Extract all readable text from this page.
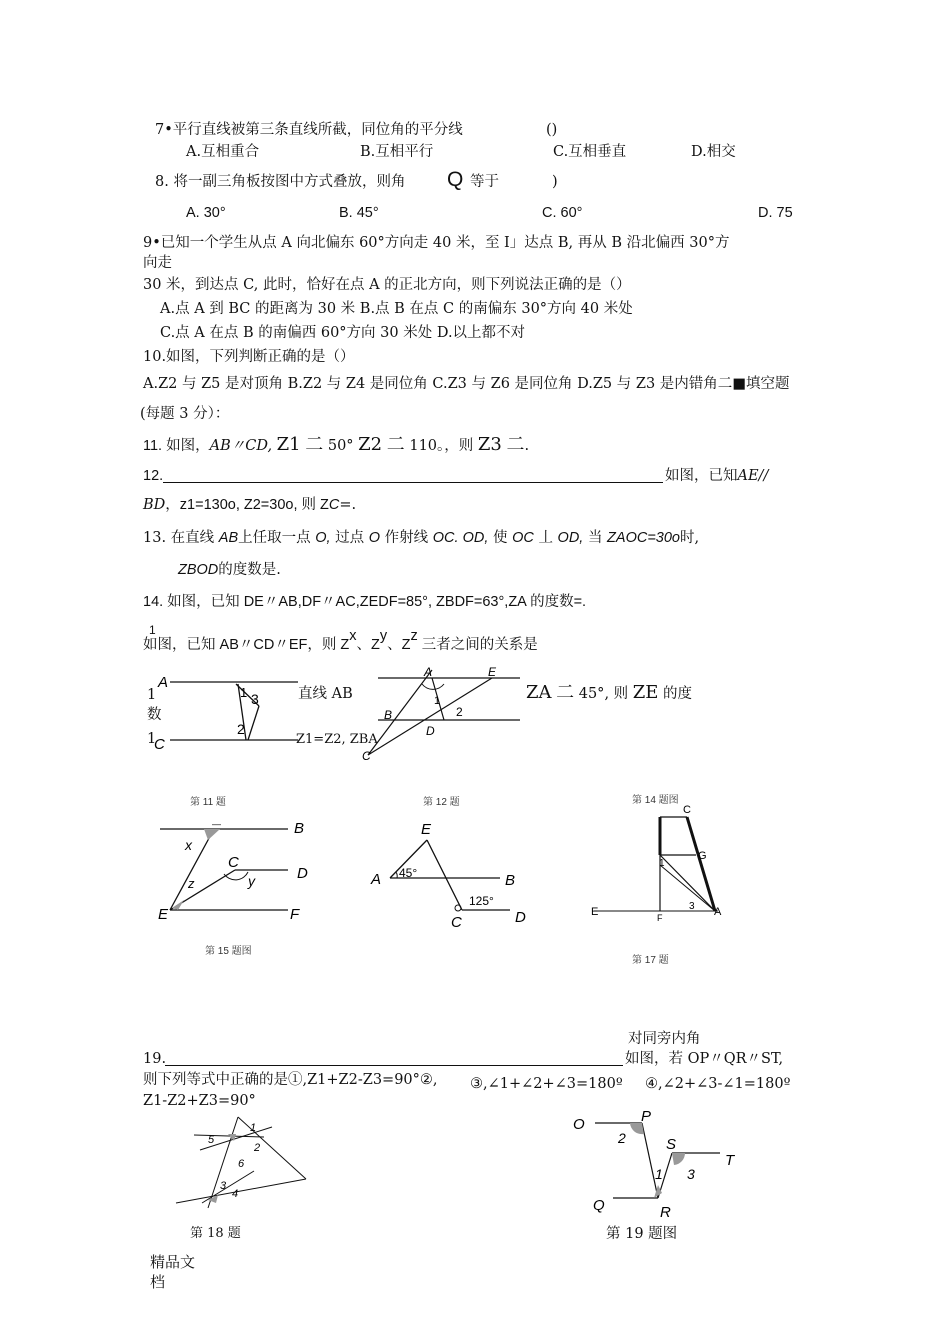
7•平行直线被第三条直线所截，同位角的平分线	()
A.互相重合	B.互相平行	C.互相垂直	D.相交
8. 将一副三角板按图中方式叠放，则角 Q 等于	)
A. 30°	B. 45°	C. 60°	D. 75
9•已知一个学生从点 A 向北偏东 60°方向走 40 米，至 I」达点 B, 再从 B 沿北偏西 30°方
向走
30 米，到达点 C, 此时，恰好在点 A 的正北方向，则下列说法正确的是（）
A.点 A 到 BC 的距离为 30 米 B.点 B 在点 C 的南偏东 30°方向 40 米处
C.点 A 在点 B 的南偏西 60°方向 30 米处 D.以上都不对
10.如图，下列判断正确的是（）
A.Z2 与 Z5 是对顶角 B.Z2 与 Z4 是同位角 C.Z3 与 Z6 是同位角 D.Z5 与 Z3 是内错角二■填空题
(每题 3 分）：
11. 如图，AB〃CD, Z1 二 50° Z2 二 110。，则 Z3 二.
12.	如图，已知AE//
BD，z1=130o, Z2=30o, 则 ZC=.
13. 在直线 AB上任取一点 O, 过点 O 作射线 OC. OD, 使 OC 丄 OD, 当 ZAOC=30o时,
ZBOD的度数是.
14. 如图，已知 DE〃AB,DF〃AC,ZEDF=85°, ZBDF=63°,ZA 的度数=.
1
如图，已知 AB〃CD〃EF，则 Zx、Zy、Zz 三者之间的关系是
1	直线 AB	ZA 二 45°, 则 ZE 的度
数
1	Z1=Z2, ZBA
A
C
1 3
2
A	E
B
1
2
D
C
第 11 题	第 12 题	第 14 题图
—	B
x
C
D
z	y
E	F
第 15 题图
E
A 45°	B
125°
C	D
C
G
1
3 A
E	F
第 17 题
对同旁内角
19.	如图，若 OP〃QR〃ST,
则下列等式中正确的是①,Z1+Z2-Z3=90°②, ③,∠1+∠2+∠3=180º ④,∠2+∠3-∠1=180º
Z1-Z2+Z3=90°
1
5
2
6
3
4
第 18 题
O	P
2	S
T
1 3
Q	R
第 19 题图
精品文
档
